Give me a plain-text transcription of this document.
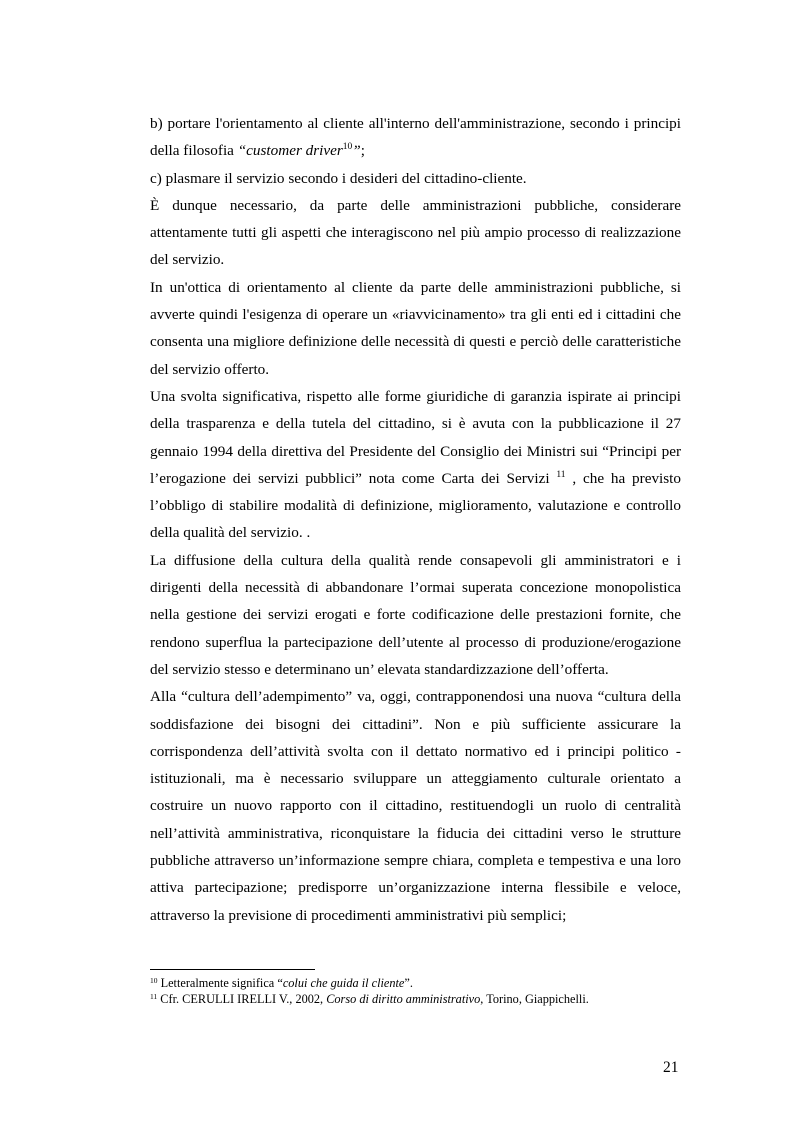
b) portare l'orientamento al cliente all'interno dell'amministrazione, secondo i principi della filosofia “customer driver$^{10}$”;

c) plasmare il servizio secondo i desideri del cittadino-cliente.

È dunque necessario, da parte delle amministrazioni pubbliche, considerare attentamente tutti gli aspetti che interagiscono nel più ampio processo di realizzazione del servizio.

In un'ottica di orientamento al cliente da parte delle amministrazioni pubbliche, si avverte quindi l'esigenza di operare un «riavvicinamento» tra gli enti ed i cittadini che consenta una migliore definizione delle necessità di questi e perciò delle caratteristiche del servizio offerto.

Una svolta significativa, rispetto alle forme giuridiche di garanzia ispirate ai principi della trasparenza e della tutela del cittadino, si è avuta con la pubblicazione il 27 gennaio 1994 della direttiva del Presidente del Consiglio dei Ministri sui “Principi per l’erogazione dei servizi pubblici” nota come Carta dei Servizi $^{11}$ , che ha previsto l’obbligo di stabilire modalità di definizione, miglioramento, valutazione e controllo della qualità del servizio. .

La diffusione della cultura della qualità rende consapevoli gli amministratori e i dirigenti della necessità di abbandonare l’ormai superata concezione monopolistica nella gestione dei servizi erogati e forte codificazione delle prestazioni fornite, che rendono superflua la partecipazione dell’utente al processo di produzione/erogazione del servizio stesso e determinano un’ elevata standardizzazione dell’offerta.

Alla “cultura dell’adempimento” va, oggi, contrapponendosi una nuova “cultura della soddisfazione dei bisogni dei cittadini”. Non e più sufficiente assicurare la corrispondenza dell’attività svolta con il dettato normativo ed i principi politico - istituzionali, ma è necessario sviluppare un atteggiamento culturale orientato a costruire un nuovo rapporto con il cittadino, restituendogli un ruolo di centralità nell’attività amministrativa, riconquistare la fiducia dei cittadini verso le strutture pubbliche attraverso un’informazione sempre chiara, completa e tempestiva e una loro attiva partecipazione; predisporre un’organizzazione interna flessibile e veloce, attraverso la previsione di procedimenti amministrativi più semplici;

$^{10}$ Letteralmente significa “colui che guida il cliente”.
$^{11}$ Cfr. CERULLI IRELLI V., 2002, Corso di diritto amministrativo, Torino, Giappichelli.
21
